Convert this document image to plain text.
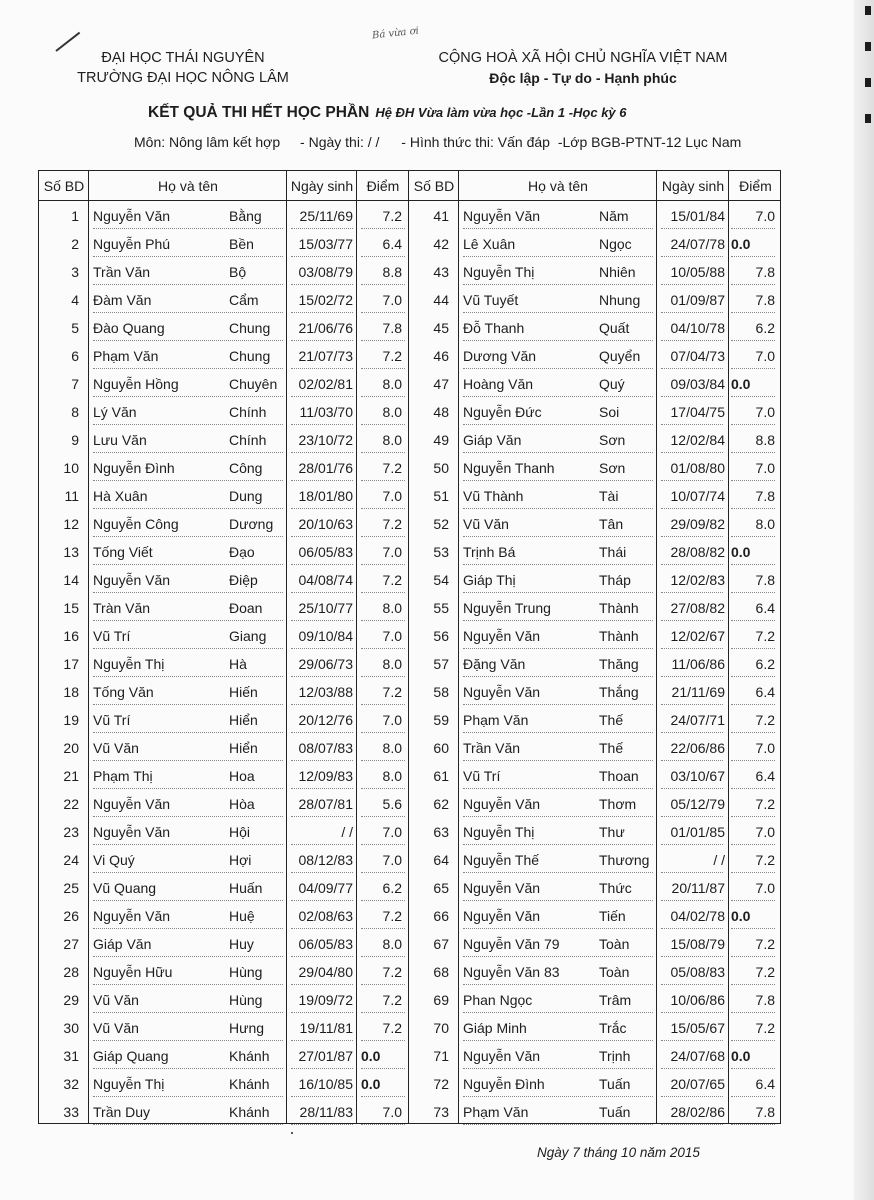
Bá vừa ơi
ĐẠI HỌC THÁI NGUYÊN
TRƯỜNG ĐẠI HỌC NÔNG LÂM
CỘNG HOÀ XÃ HỘI CHỦ NGHĨA VIỆT NAM
Độc lập - Tự do - Hạnh phúc
KẾT QUẢ THI HẾT HỌC PHẦN Hệ ĐH Vừa làm vừa học -Lần 1 -Học kỳ 6
Môn: Nông lâm kết hợp - Ngày thi: / / - Hình thức thi: Vấn đáp -Lớp BGB-PTNT-12 Lục Nam
Số BD	Họ và tên	Ngày sinh Điểm	Số BD	Họ và tên	Ngày sinh	Điểm
1 Nguyễn Văn	Bằng	25/11/69	7.2	41 Nguyễn Văn	Năm	15/01/84	7.0
2 Nguyễn Phú	Bền	15/03/77	6.4	42 Lê Xuân	Ngọc	24/07/78 0.0
3 Trần Văn	Bộ	03/08/79	8.8	43 Nguyễn Thị	Nhiên	10/05/88	7.8
4 Đàm Văn	Cẩm	15/02/72	7.0	44 Vũ Tuyết	Nhung	01/09/87	7.8
5 Đào Quang	Chung	21/06/76	7.8	45 Đỗ Thanh	Quất	04/10/78	6.2
6 Phạm Văn	Chung	21/07/73	7.2	46 Dương Văn	Quyển	07/04/73	7.0
7 Nguyễn Hồng	Chuyên	02/02/81	8.0	47 Hoàng Văn	Quý	09/03/84 0.0
8 Lý Văn	Chính	11/03/70	8.0	48 Nguyễn Đức	Soi	17/04/75	7.0
9 Lưu Văn	Chính	23/10/72	8.0	49 Giáp Văn	Sơn	12/02/84	8.8
10 Nguyễn Đình	Công	28/01/76	7.2	50 Nguyễn Thanh	Sơn	01/08/80	7.0
11 Hà Xuân	Dung	18/01/80	7.0	51 Vũ Thành	Tài	10/07/74	7.8
12 Nguyễn Công	Dương	20/10/63	7.2	52 Vũ Văn	Tân	29/09/82	8.0
13 Tống Viết	Đạo	06/05/83	7.0	53 Trịnh Bá	Thái	28/08/82 0.0
14 Nguyễn Văn	Điệp	04/08/74	7.2	54 Giáp Thị	Tháp	12/02/83	7.8
15 Tràn Văn	Đoan	25/10/77	8.0	55 Nguyễn Trung	Thành	27/08/82	6.4
16 Vũ Trí	Giang	09/10/84	7.0	56 Nguyễn Văn	Thành	12/02/67	7.2
17 Nguyễn Thị	Hà	29/06/73	8.0	57 Đặng Văn	Thăng	11/06/86	6.2
18 Tống Văn	Hiến	12/03/88	7.2	58 Nguyễn Văn	Thắng	21/11/69	6.4
19 Vũ Trí	Hiển	20/12/76	7.0	59 Phạm Văn	Thế	24/07/71	7.2
20 Vũ Văn	Hiển	08/07/83	8.0	60 Trần Văn	Thế	22/06/86	7.0
21 Phạm Thị	Hoa	12/09/83	8.0	61 Vũ Trí	Thoan	03/10/67	6.4
22 Nguyễn Văn	Hòa	28/07/81	5.6	62 Nguyễn Văn	Thơm	05/12/79	7.2
23 Nguyễn Văn	Hội	/ /	7.0	63 Nguyễn Thị	Thư	01/01/85	7.0
24 Vi Quý	Hợi	08/12/83	7.0	64 Nguyễn Thế	Thương	/ /	7.2
25 Vũ Quang	Huấn	04/09/77	6.2	65 Nguyễn Văn	Thức	20/11/87	7.0
26 Nguyễn Văn	Huệ	02/08/63	7.2	66 Nguyễn Văn	Tiến	04/02/78 0.0
27 Giáp Văn	Huy	06/05/83	8.0	67 Nguyễn Văn 79	Toàn	15/08/79	7.2
28 Nguyễn Hữu	Hùng	29/04/80	7.2	68 Nguyễn Văn 83	Toàn	05/08/83	7.2
29 Vũ Văn	Hùng	19/09/72	7.2	69 Phan Ngọc	Trâm	10/06/86	7.8
30 Vũ Văn	Hưng	19/11/81	7.2	70 Giáp Minh	Trắc	15/05/67	7.2
31 Giáp Quang	Khánh	27/01/87 0.0	71 Nguyễn Văn	Trịnh	24/07/68 0.0
32 Nguyễn Thị	Khánh	16/10/85 0.0	72 Nguyễn Đình	Tuấn	20/07/65	6.4
33 Trần Duy	Khánh	28/11/83	7.0	73 Phạm Văn	Tuấn	28/02/86	7.8
Ngày 7 tháng 10 năm 2015
